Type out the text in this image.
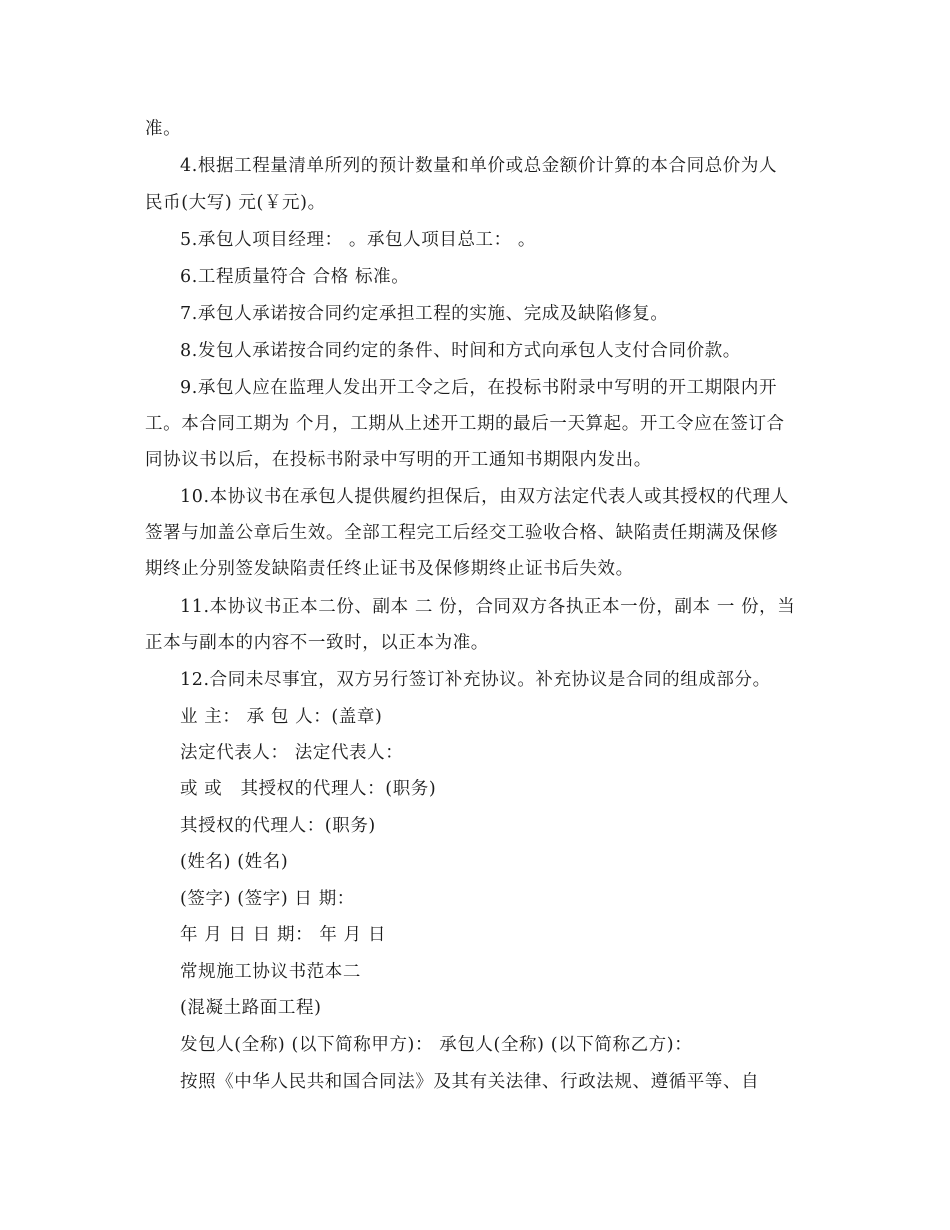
准。
4.根据工程量清单所列的预计数量和单价或总金额价计算的本合同总价为人
民币(大写) 元(￥元)。
5.承包人项目经理： 。承包人项目总工： 。
6.工程质量符合 合格 标准。
7.承包人承诺按合同约定承担工程的实施、完成及缺陷修复。
8.发包人承诺按合同约定的条件、时间和方式向承包人支付合同价款。
9.承包人应在监理人发出开工令之后，在投标书附录中写明的开工期限内开
工。本合同工期为 个月，工期从上述开工期的最后一天算起。开工令应在签订合
同协议书以后，在投标书附录中写明的开工通知书期限内发出。
10.本协议书在承包人提供履约担保后，由双方法定代表人或其授权的代理人
签署与加盖公章后生效。全部工程完工后经交工验收合格、缺陷责任期满及保修
期终止分别签发缺陷责任终止证书及保修期终止证书后失效。
11.本协议书正本二份、副本 二 份，合同双方各执正本一份，副本 一 份，当
正本与副本的内容不一致时，以正本为准。
12.合同未尽事宜，双方另行签订补充协议。补充协议是合同的组成部分。
业 主： 承 包 人：(盖章)
法定代表人： 法定代表人：
或 或　其授权的代理人：(职务)
其授权的代理人：(职务)
(姓名) (姓名)
(签字) (签字) 日 期：
年 月 日 日 期： 年 月 日
常规施工协议书范本二
(混凝土路面工程)
发包人(全称) (以下简称甲方)： 承包人(全称) (以下简称乙方)：
按照《中华人民共和国合同法》及其有关法律、行政法规、遵循平等、自
